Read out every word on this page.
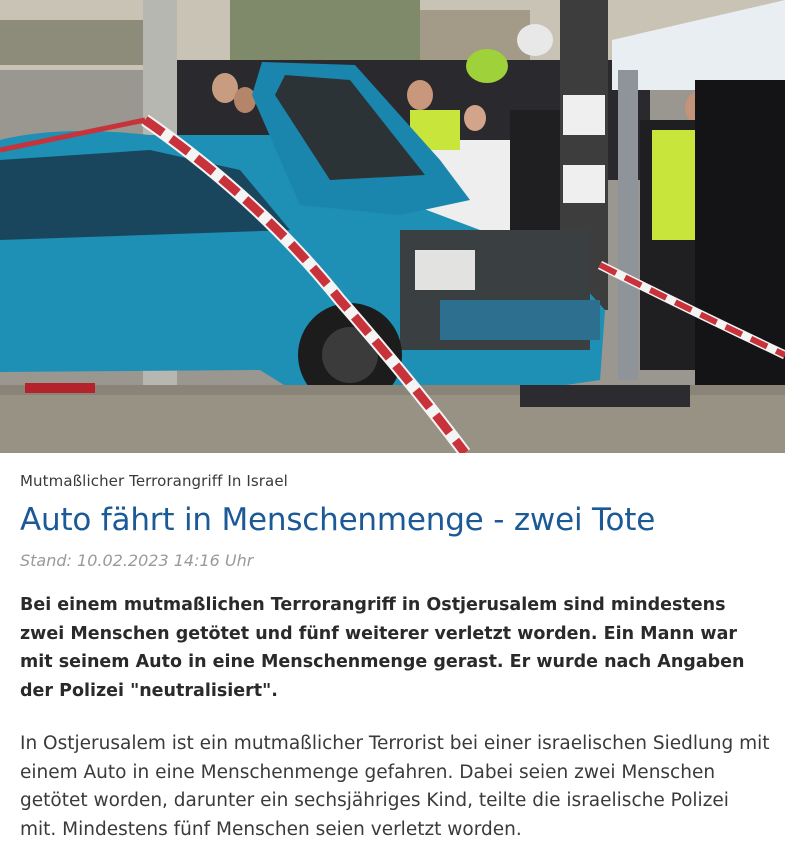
Mutmaßlicher Terrorangriff In Israel
Auto fährt in Menschenmenge - zwei Tote
Stand: 10.02.2023 14:16 Uhr

Bei einem mutmaßlichen Terrorangriff in Ostjerusalem sind mindestens zwei Menschen getötet und fünf weiterer verletzt worden. Ein Mann war mit seinem Auto in eine Menschenmenge gerast. Er wurde nach Angaben der Polizei "neutralisiert".

In Ostjerusalem ist ein mutmaßlicher Terrorist bei einer israelischen Siedlung mit einem Auto in eine Menschenmenge gefahren. Dabei seien zwei Menschen getötet worden, darunter ein sechsjähriges Kind, teilte die israelische Polizei mit. Mindestens fünf Menschen seien verletzt worden.
